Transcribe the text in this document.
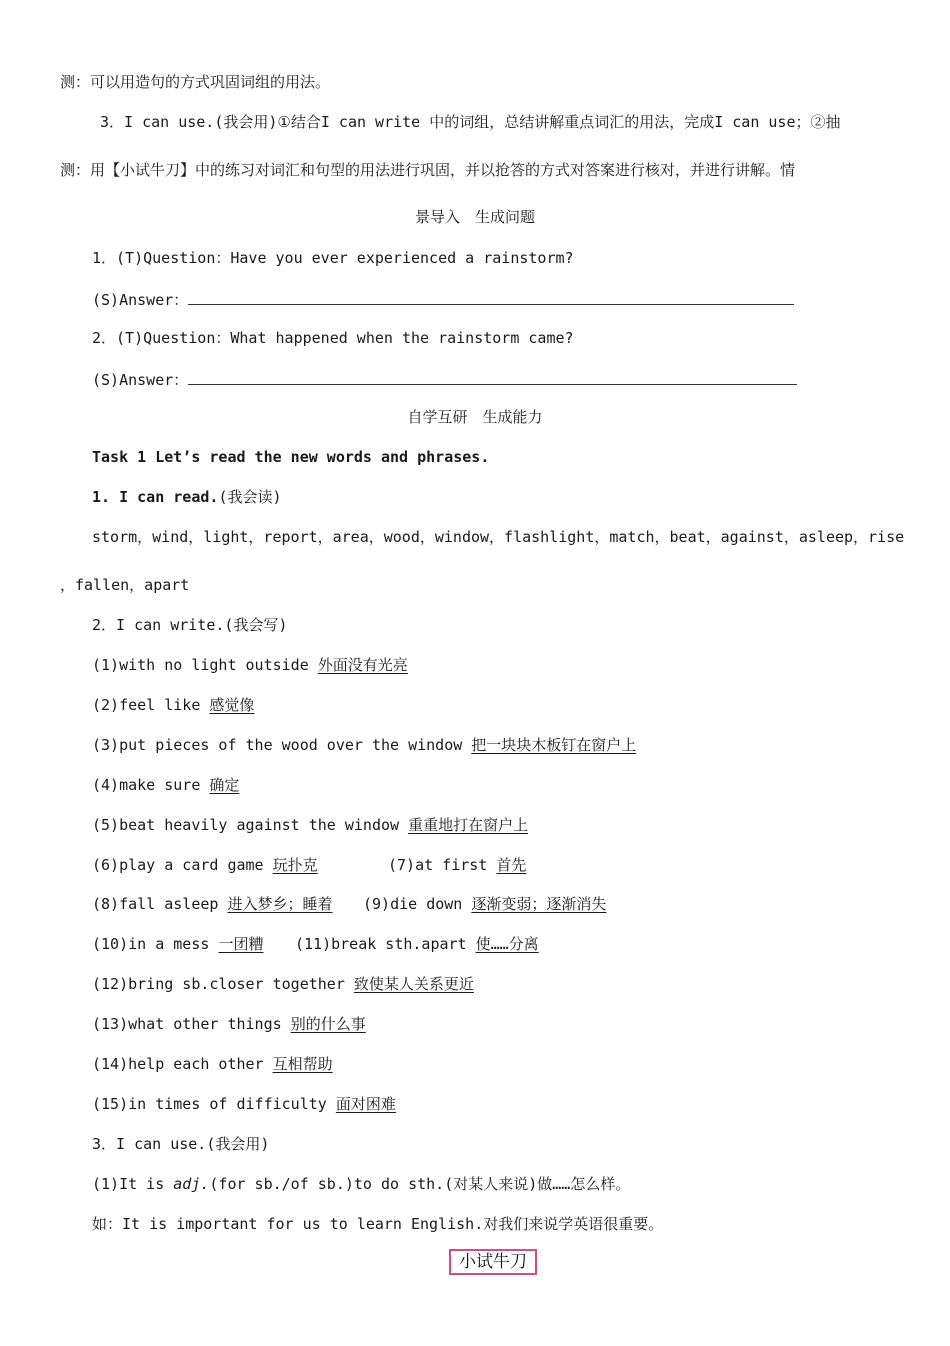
测：可以用造句的方式巩固词组的用法。
3．I can use.(我会用)①结合I can write 中的词组，总结讲解重点词汇的用法，完成I can use；②抽
测：用【小试牛刀】中的练习对词汇和句型的用法进行巩固，并以抢答的方式对答案进行核对，并进行讲解。情
景导入　生成问题
1．(T)Question：Have you ever experienced a rainstorm?
(S)Answer：
2．(T)Question：What happened when the rainstorm came?
(S)Answer：
自学互研　生成能力
Task 1 Let’s read the new words and phrases.
1. I can read.(我会读)
storm，wind，light，report，area，wood，window，flashlight，match，beat，against，asleep，rise
，fallen，apart
2．I can write.(我会写)
(1)with no light outside 外面没有光亮
(2)feel like 感觉像
(3)put pieces of the wood over the window 把一块块木板钉在窗户上
(4)make sure 确定
(5)beat heavily against the window 重重地打在窗户上
(6)play a card game 玩扑克	(7)at first 首先
(8)fall asleep 进入梦乡；睡着 (9)die down 逐渐变弱；逐渐消失
(10)in a mess 一团糟 (11)break sth.apart 使……分离
(12)bring sb.closer together 致使某人关系更近
(13)what other things 别的什么事
(14)help each other 互相帮助
(15)in times of difficulty 面对困难
3．I can use.(我会用)
(1)It is adj.(for sb./of sb.)to do sth.(对某人来说)做……怎么样。
如：It is important for us to learn English.对我们来说学英语很重要。
小试牛刀
